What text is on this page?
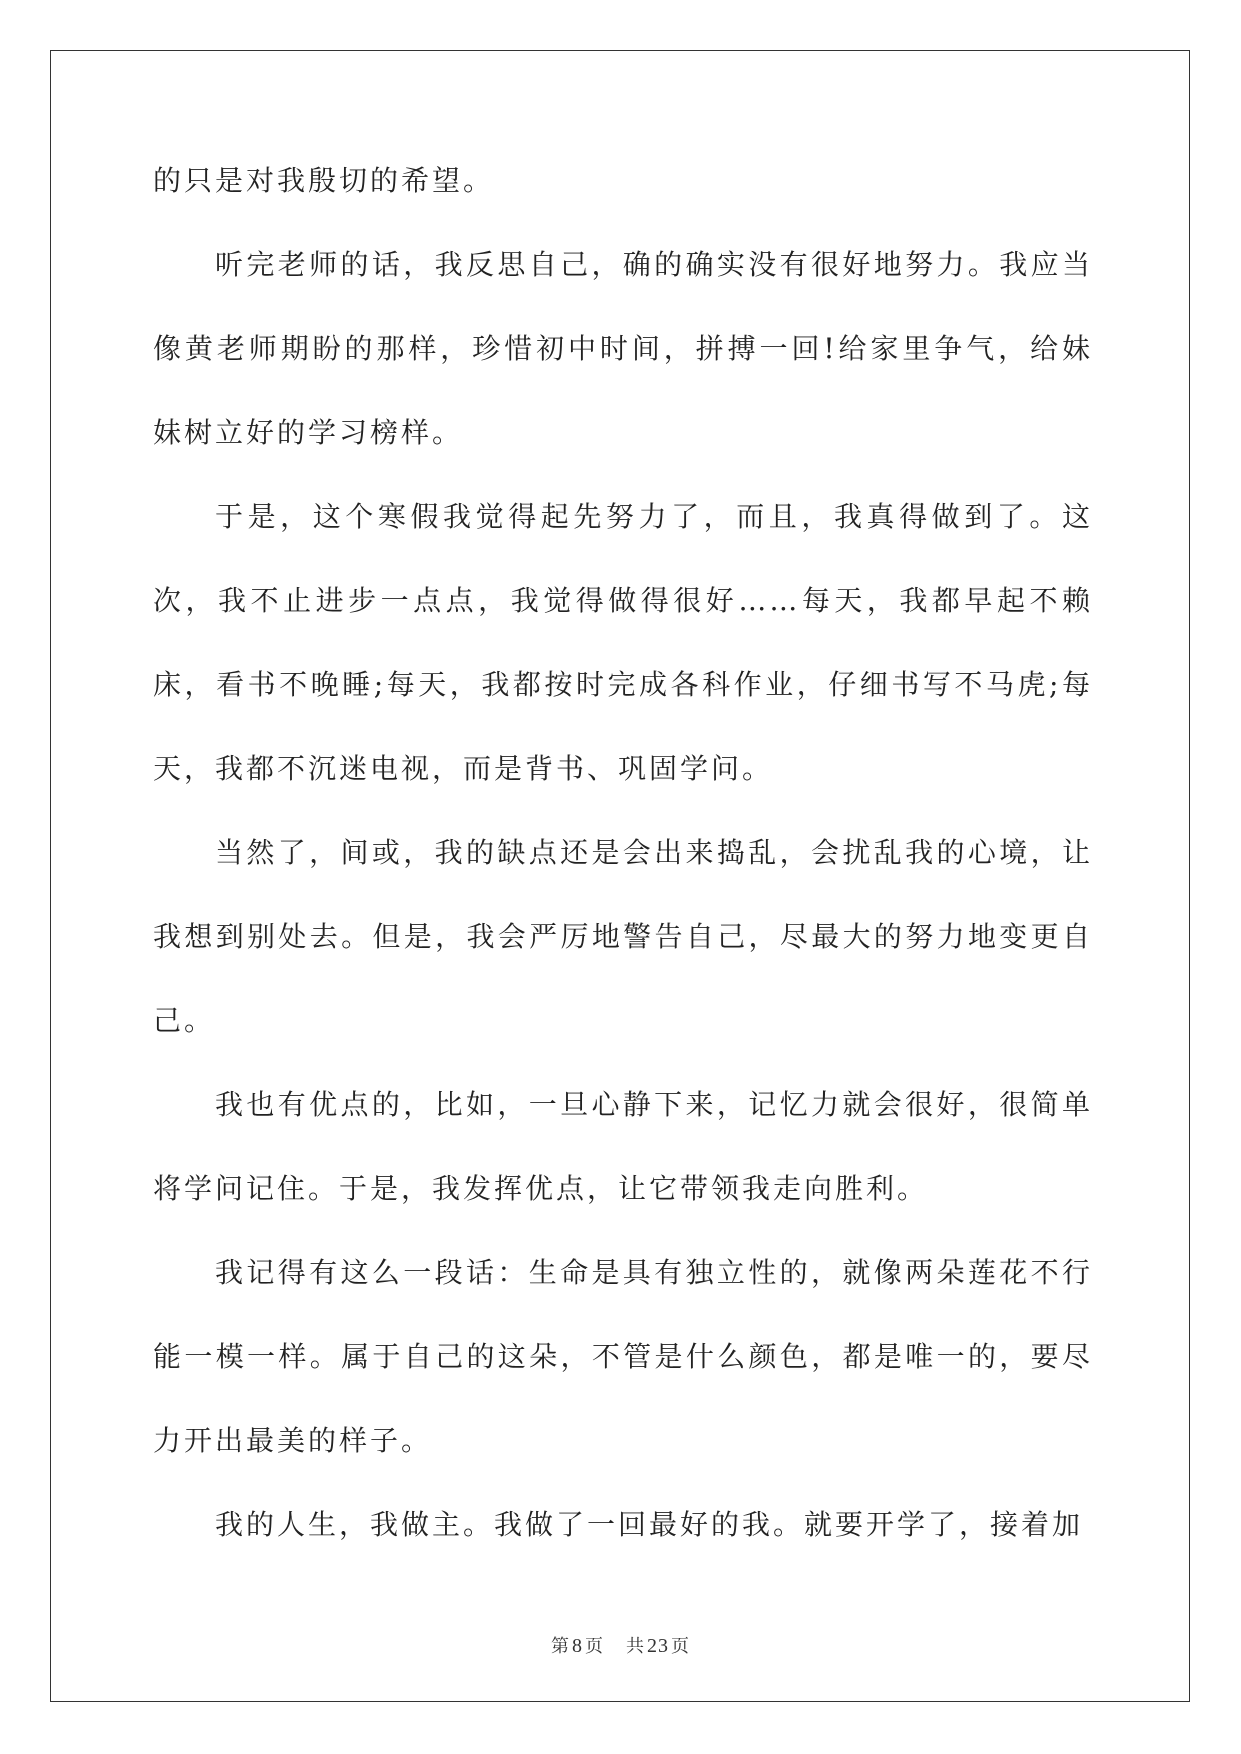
的只是对我殷切的希望。

听完老师的话，我反思自己，确的确实没有很好地努力。我应当像黄老师期盼的那样，珍惜初中时间，拼搏一回!给家里争气，给妹妹树立好的学习榜样。

于是，这个寒假我觉得起先努力了，而且，我真得做到了。这次，我不止进步一点点，我觉得做得很好……每天，我都早起不赖床，看书不晚睡;每天，我都按时完成各科作业，仔细书写不马虎;每天，我都不沉迷电视，而是背书、巩固学问。

当然了，间或，我的缺点还是会出来捣乱，会扰乱我的心境，让我想到别处去。但是，我会严厉地警告自己，尽最大的努力地变更自己。

我也有优点的，比如，一旦心静下来，记忆力就会很好，很简单将学问记住。于是，我发挥优点，让它带领我走向胜利。

我记得有这么一段话：生命是具有独立性的，就像两朵莲花不行能一模一样。属于自己的这朵，不管是什么颜色，都是唯一的，要尽力开出最美的样子。

我的人生，我做主。我做了一回最好的我。就要开学了，接着加

第 8 页 共 23 页
